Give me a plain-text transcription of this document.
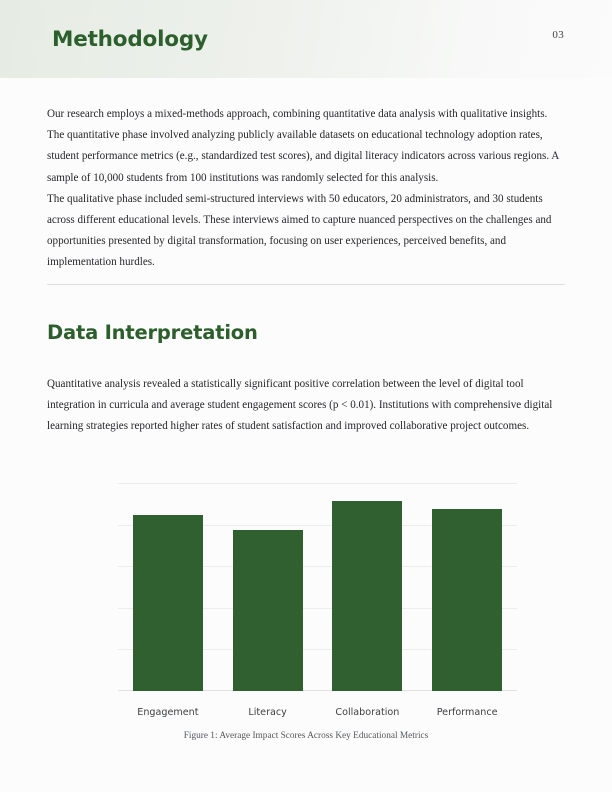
Methodology	03

Our research employs a mixed-methods approach, combining quantitative data analysis with qualitative insights. The quantitative phase involved analyzing publicly available datasets on educational technology adoption rates, student performance metrics (e.g., standardized test scores), and digital literacy indicators across various regions. A sample of 10,000 students from 100 institutions was randomly selected for this analysis.

The qualitative phase included semi-structured interviews with 50 educators, 20 administrators, and 30 students across different educational levels. These interviews aimed to capture nuanced perspectives on the challenges and opportunities presented by digital transformation, focusing on user experiences, perceived benefits, and implementation hurdles.

Data Interpretation

Quantitative analysis revealed a statistically significant positive correlation between the level of digital tool integration in curricula and average student engagement scores (p < 0.01). Institutions with comprehensive digital learning strategies reported higher rates of student satisfaction and improved collaborative project outcomes.

Engagement	Literacy	Collaboration	Performance
Figure 1: Average Impact Scores Across Key Educational Metrics
